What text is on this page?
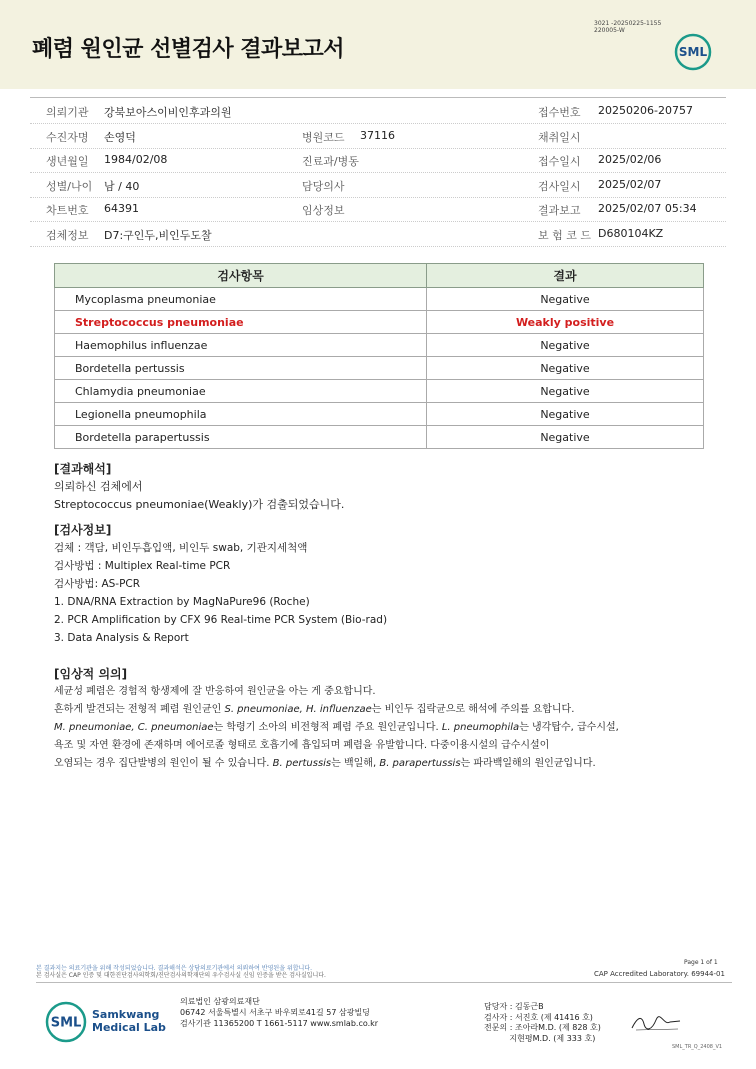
폐렴 원인균 선별검사 결과보고서
3021 -20250225-1155
220005-W
SML
의뢰기관 강북보아스이비인후과의원	접수번호 20250206-20757
수진자명 손영덕	병원코드 37116	채취일시
생년월일 1984/02/08	진료과/병동	접수일시 2025/02/06
성별/나이 남 / 40	담당의사	검사일시 2025/02/07
차트번호 64391	임상정보	결과보고 2025/02/07 05:34
검체정보 D7:구인두,비인두도찰	보 험 코 드 D680104KZ
검사항목	결과
Mycoplasma pneumoniae	Negative
Streptococcus pneumoniae	Weakly positive
Haemophilus influenzae	Negative
Bordetella pertussis	Negative
Chlamydia pneumoniae	Negative
Legionella pneumophila	Negative
Bordetella parapertussis	Negative
[결과해석]
의뢰하신 검체에서
Streptococcus pneumoniae(Weakly)가 검출되었습니다.
[검사정보]
검체 : 객담, 비인두흡입액, 비인두 swab, 기관지세척액
검사방법 : Multiplex Real-time PCR
검사방법: AS-PCR
1. DNA/RNA Extraction by MagNaPure96 (Roche)
2. PCR Amplification by CFX 96 Real-time PCR System (Bio-rad)
3. Data Analysis & Report
[임상적 의의]
세균성 폐렴은 경험적 항생제에 잘 반응하여 원인균을 아는 게 중요합니다.
흔하게 발견되는 전형적 폐렴 원인균인 S. pneumoniae, H. influenzae는 비인두 집락균으로 해석에 주의를 요합니다.
M. pneumoniae, C. pneumoniae는 학령기 소아의 비전형적 폐렴 주요 원인균입니다. L. pneumophila는 냉각탑수, 급수시설,
욕조 및 자연 환경에 존재하며 에어로졸 형태로 호흡기에 흡입되며 폐렴을 유발합니다. 다중이용시설의 급수시설이
오염되는 경우 집단발병의 원인이 될 수 있습니다. B. pertussis는 백일해, B. parapertussis는 파라백일해의 원인균입니다.
Page 1 of 1
본 결과지는 의료기관을 위해 작성되었습니다. 결과해석은 상담의료기관에서 의뢰하여 반영된을 위합니다.
본 검사실은 CAP 인증 및 대한진단검사의학회/진단검사의학재단의 우수검사실 신임 인증을 받은 검사실입니다.	CAP Accredited Laboratory. 69944-01
SML
Samkwang
Medical Lab
의료법인 삼광의료재단
06742 서울특별시 서초구 바우뫼로41길 57 삼광빌딩
검사기관 11365200 T 1661-5117 www.smlab.co.kr
담당자 : 김동근B
검사자 : 서진호 (제 41416 호)
전문의 : 조아라M.D. (제 828 호)
지현평M.D. (제 333 호)
SML_TR_Q_2408_V1
